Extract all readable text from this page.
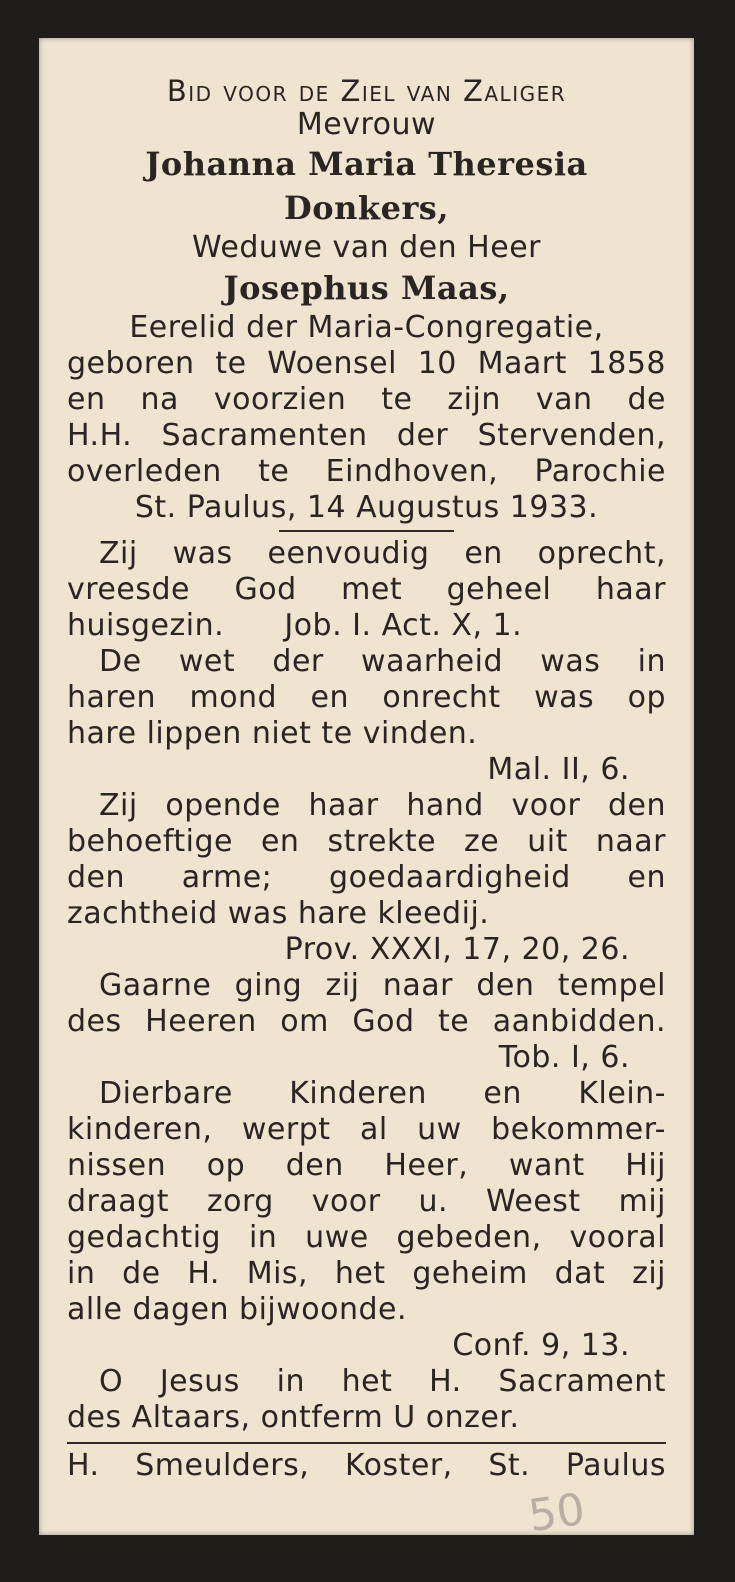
Bid voor de Ziel van Zaliger
Mevrouw
Johanna Maria Theresia
Donkers,
Weduwe van den Heer
Josephus Maas,
Eerelid der Maria-Congregatie,
geboren te Woensel 10 Maart 1858
en na voorzien te zijn van de
H.H. Sacramenten der Stervenden,
overleden te Eindhoven, Parochie
St. Paulus, 14 Augustus 1933.
Zij was eenvoudig en oprecht,
vreesde God met geheel haar
huisgezin.      Job. I. Act. X, 1.
De wet der waarheid was in
haren mond en onrecht was op
hare lippen niet te vinden.
Mal. II, 6.
Zij opende haar hand voor den
behoeftige en strekte ze uit naar
den arme; goedaardigheid en
zachtheid was hare kleedij.
Prov. XXXI, 17, 20, 26.
Gaarne ging zij naar den tempel
des Heeren om God te aanbidden.
Tob. I, 6.
Dierbare Kinderen en Klein-
kinderen, werpt al uw bekommer-
nissen op den Heer, want Hij
draagt zorg voor u. Weest mij
gedachtig in uwe gebeden, vooral
in de H. Mis, het geheim dat zij
alle dagen bijwoonde.
Conf. 9, 13.
O Jesus in het H. Sacrament
des Altaars, ontferm U onzer.
H. Smeulders, Koster, St. Paulus
50
